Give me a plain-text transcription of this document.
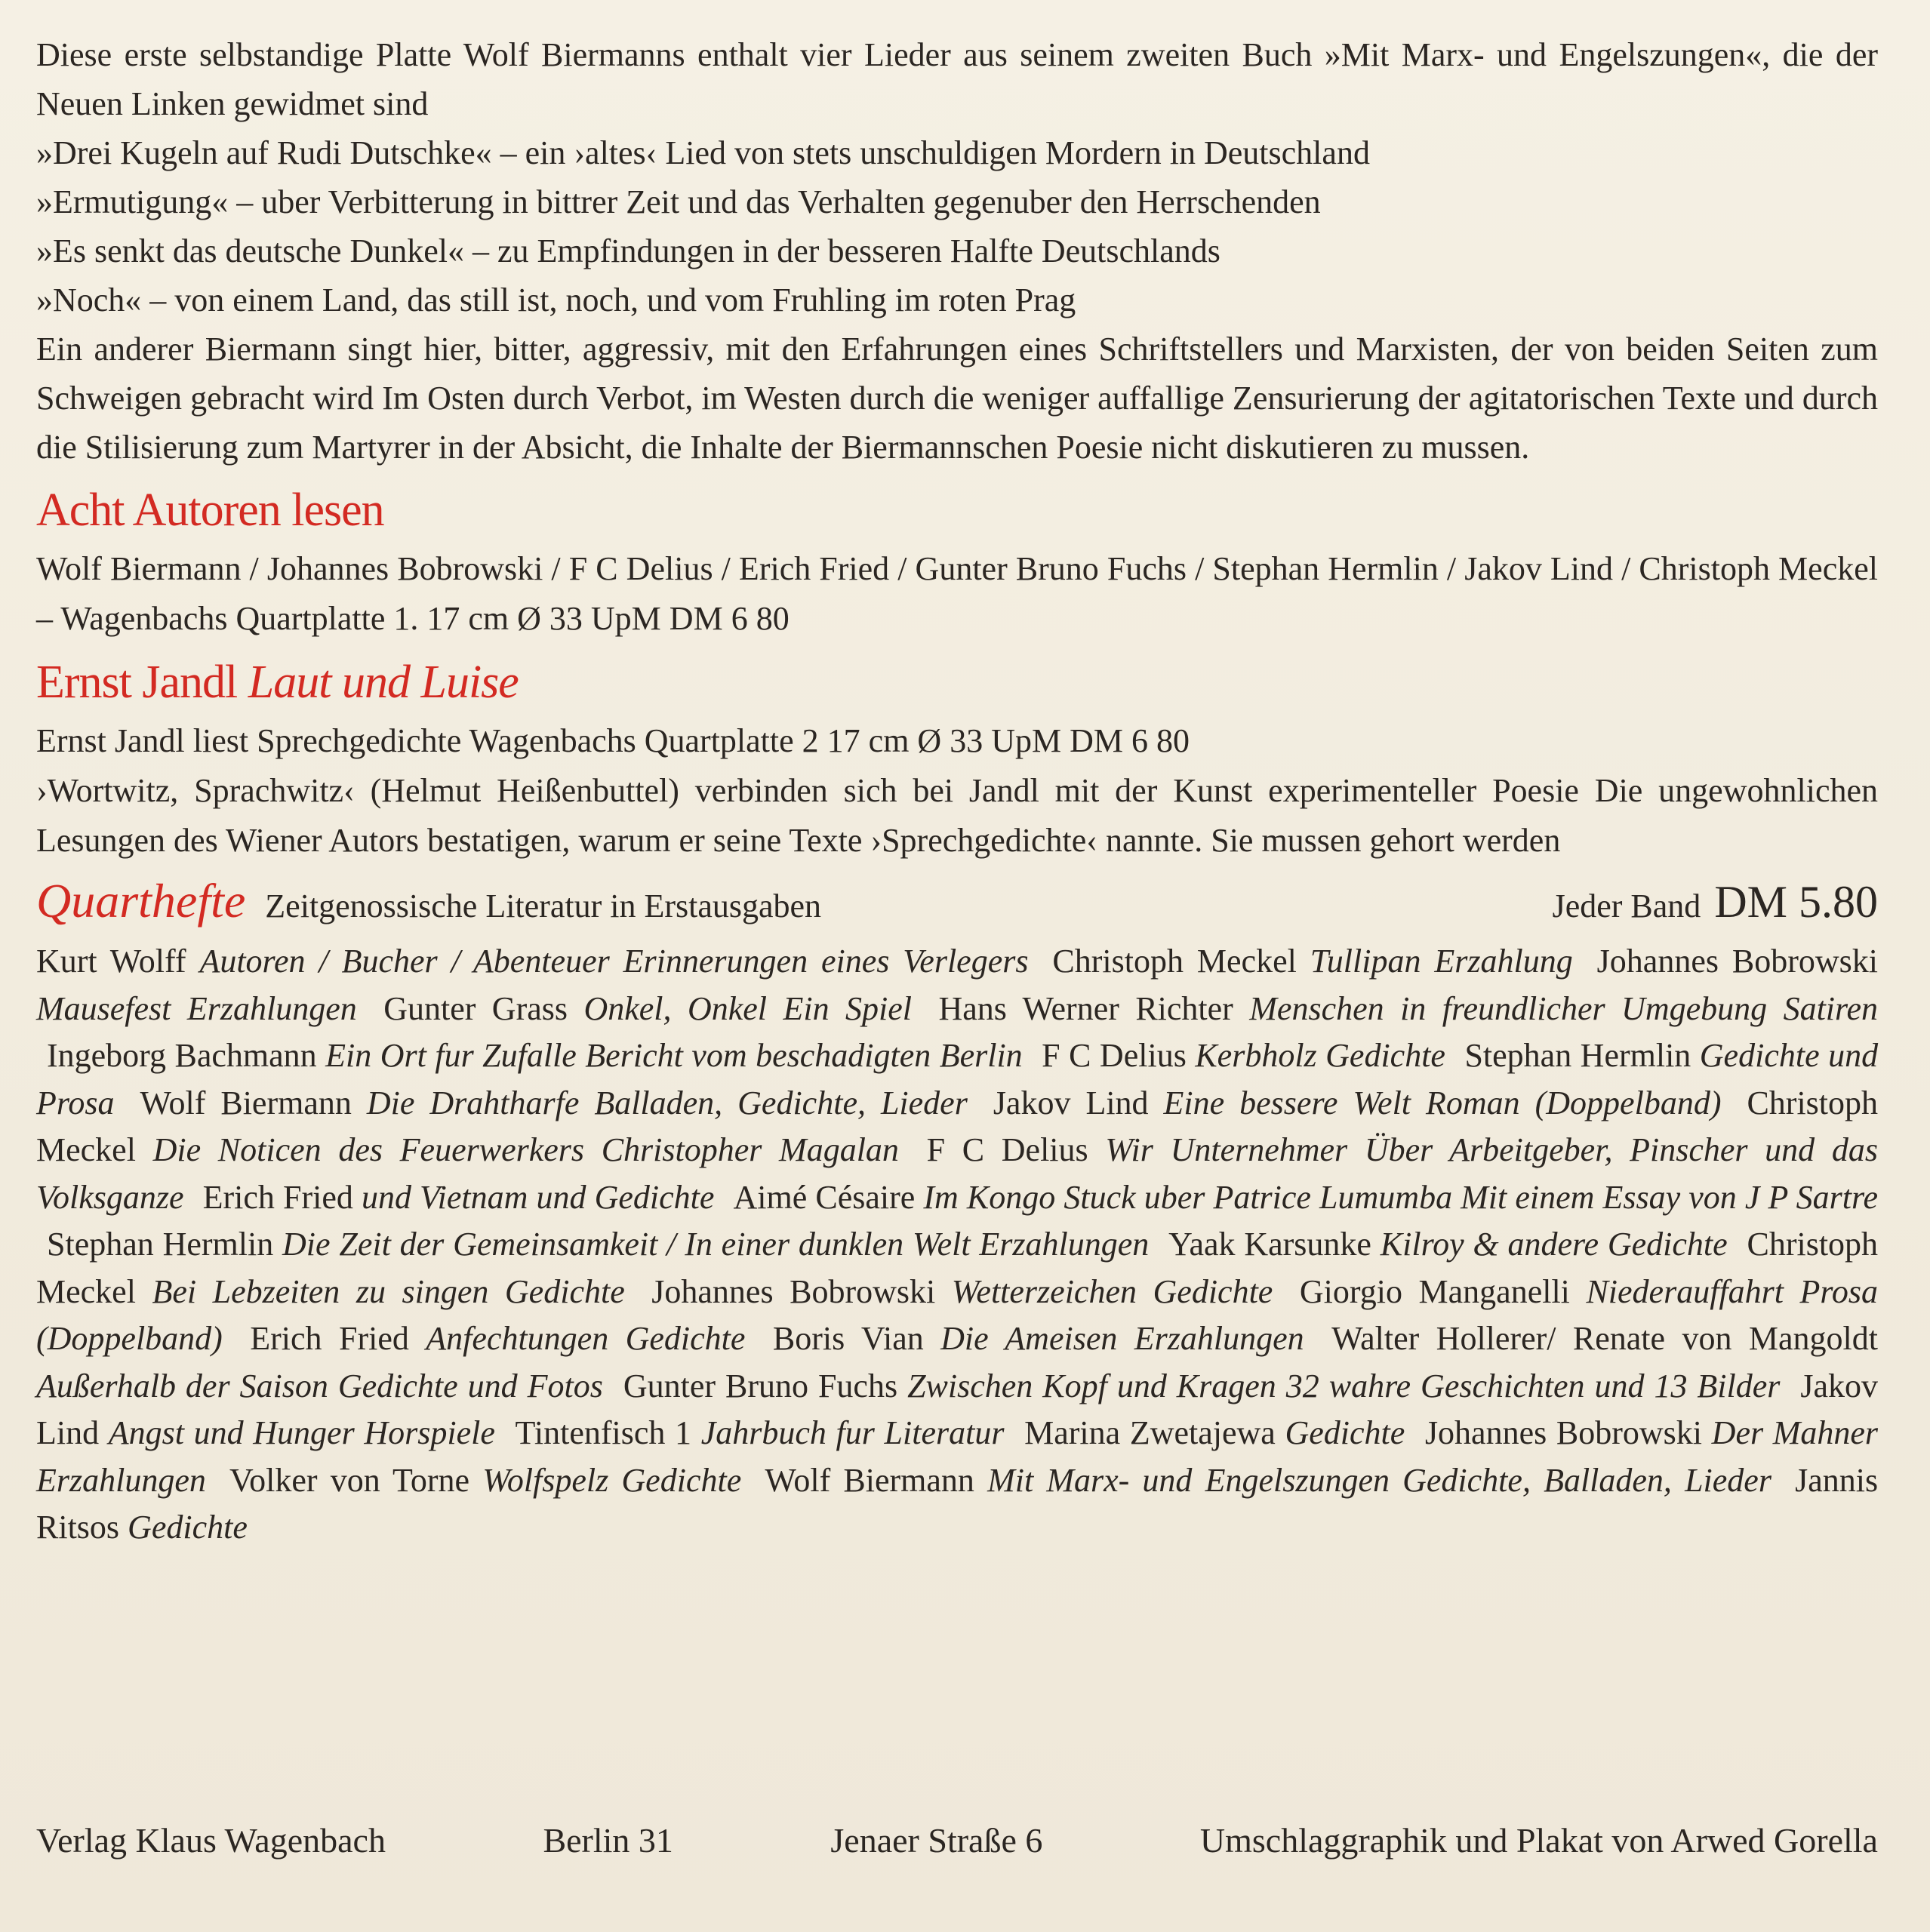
Diese erste selbstandige Platte Wolf Biermanns enthalt vier Lieder aus seinem zweiten Buch »Mit Marx- und Engelszungen«, die der Neuen Linken gewidmet sind

»Drei Kugeln auf Rudi Dutschke« – ein ›altes‹ Lied von stets unschuldigen Mordern in Deutschland

»Ermutigung« – uber Verbitterung in bittrer Zeit und das Verhalten gegenuber den Herrschenden

»Es senkt das deutsche Dunkel« – zu Empfindungen in der besseren Halfte Deutschlands

»Noch« – von einem Land, das still ist, noch, und vom Fruhling im roten Prag

Ein anderer Biermann singt hier, bitter, aggressiv, mit den Erfahrungen eines Schriftstellers und Marxisten, der von beiden Seiten zum Schweigen gebracht wird Im Osten durch Verbot, im Westen durch die weniger auffallige Zensurierung der agitatorischen Texte und durch die Stilisierung zum Martyrer in der Absicht, die Inhalte der Biermannschen Poesie nicht diskutieren zu mussen.

Acht Autoren lesen

Wolf Biermann / Johannes Bobrowski / F C Delius / Erich Fried / Gunter Bruno Fuchs / Stephan Hermlin / Jakov Lind / Christoph Meckel – Wagenbachs Quartplatte 1. 17 cm Ø 33 UpM DM 6 80

Ernst Jandl Laut und Luise

Ernst Jandl liest Sprechgedichte Wagenbachs Quartplatte 2 17 cm Ø 33 UpM DM 6 80

›Wortwitz, Sprachwitz‹ (Helmut Heißenbuttel) verbinden sich bei Jandl mit der Kunst experimenteller Poesie Die ungewohnlichen Lesungen des Wiener Autors bestatigen, warum er seine Texte ›Sprechgedichte‹ nannte. Sie mussen gehort werden

Quarthefte Zeitgenossische Literatur in Erstausgaben	Jeder Band DM 5.80
Kurt Wolff Autoren / Bucher / Abenteuer Erinnerungen eines Verlegers Christoph Meckel Tullipan Erzahlung Johannes Bobrowski Mausefest Erzahlungen Gunter Grass Onkel, Onkel Ein Spiel Hans Werner Richter Menschen in freundlicher Umgebung Satiren Ingeborg Bachmann Ein Ort fur Zufalle Bericht vom beschadigten Berlin F C Delius Kerbholz Gedichte Stephan Hermlin Gedichte und Prosa Wolf Biermann Die Drahtharfe Balladen, Gedichte, Lieder Jakov Lind Eine bessere Welt Roman (Doppelband) Christoph Meckel Die Noticen des Feuerwerkers Christopher Magalan F C Delius Wir Unternehmer Über Arbeitgeber, Pinscher und das Volksganze Erich Fried und Vietnam und Gedichte Aimé Césaire Im Kongo Stuck uber Patrice Lumumba Mit einem Essay von J P Sartre Stephan Hermlin Die Zeit der Gemeinsamkeit / In einer dunklen Welt Erzahlungen Yaak Karsunke Kilroy & andere Gedichte Christoph Meckel Bei Lebzeiten zu singen Gedichte Johannes Bobrowski Wetterzeichen Gedichte Giorgio Manganelli Niederauffahrt Prosa (Doppelband) Erich Fried Anfechtungen Gedichte Boris Vian Die Ameisen Erzahlungen Walter Hollerer/ Renate von Mangoldt Außerhalb der Saison Gedichte und Fotos Gunter Bruno Fuchs Zwischen Kopf und Kragen 32 wahre Geschichten und 13 Bilder Jakov Lind Angst und Hunger Horspiele Tintenfisch 1 Jahrbuch fur Literatur Marina Zwetajewa Gedichte Johannes Bobrowski Der Mahner Erzahlungen Volker von Torne Wolfspelz Gedichte Wolf Biermann Mit Marx- und Engelszungen Gedichte, Balladen, Lieder Jannis Ritsos Gedichte
Verlag Klaus Wagenbach	Berlin 31	Jenaer Straße 6	Umschlaggraphik und Plakat von Arwed Gorella
